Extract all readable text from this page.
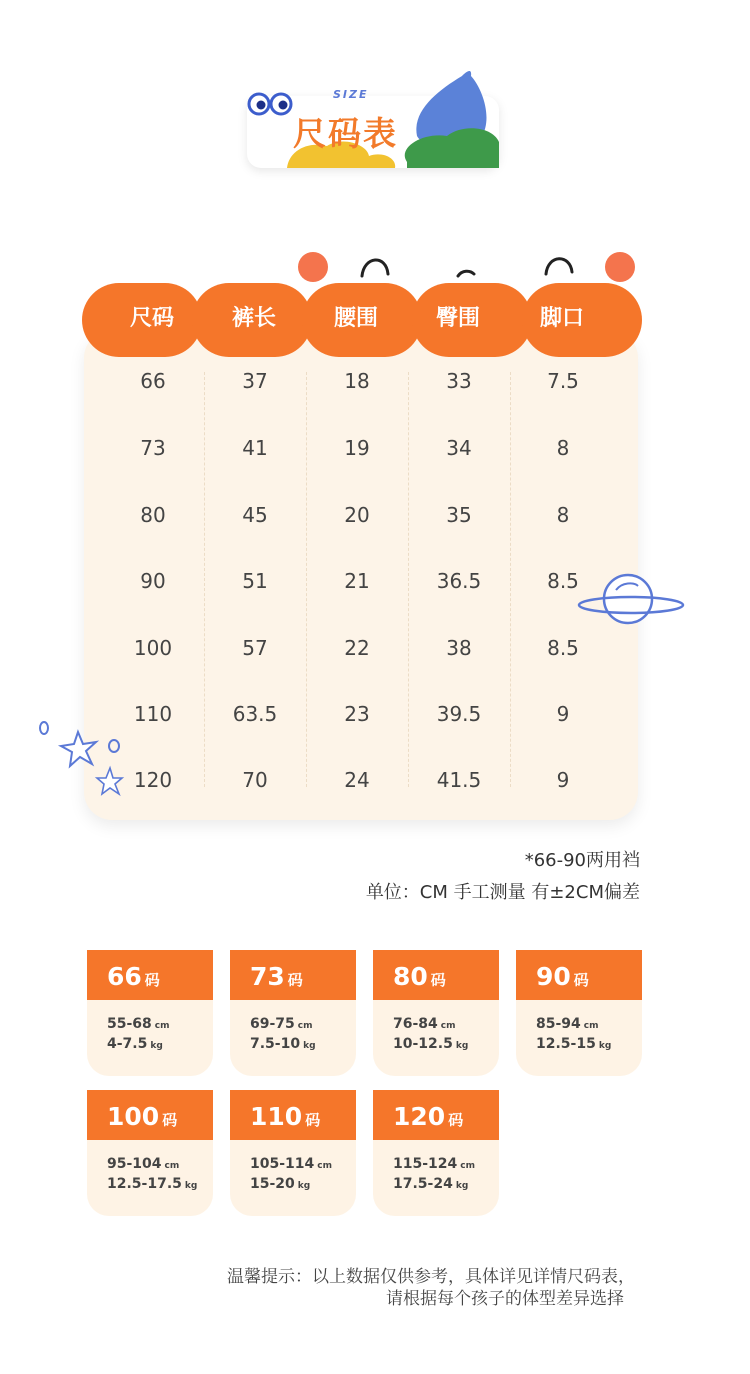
SIZE
尺码表
尺码	裤长	腰围	臀围	脚口
66	37	18	33	7.5
73	41	19	34	8
80	45	20	35	8
90	51	21	36.5	8.5
100	57	22	38	8.5
110	63.5	23	39.5	9
120	70	24	41.5	9
*66-90两用裆
单位：CM 手工测量 有±2CM偏差
66 码
55-68 cm
4-7.5 kg
73 码
69-75 cm
7.5-10 kg
80 码
76-84 cm
10-12.5 kg
90 码
85-94 cm
12.5-15 kg
100 码
95-104 cm
12.5-17.5 kg
110 码
105-114 cm
15-20 kg
120 码
115-124 cm
17.5-24 kg
温馨提示：以上数据仅供参考，具体详见详情尺码表，
请根据每个孩子的体型差异选择
